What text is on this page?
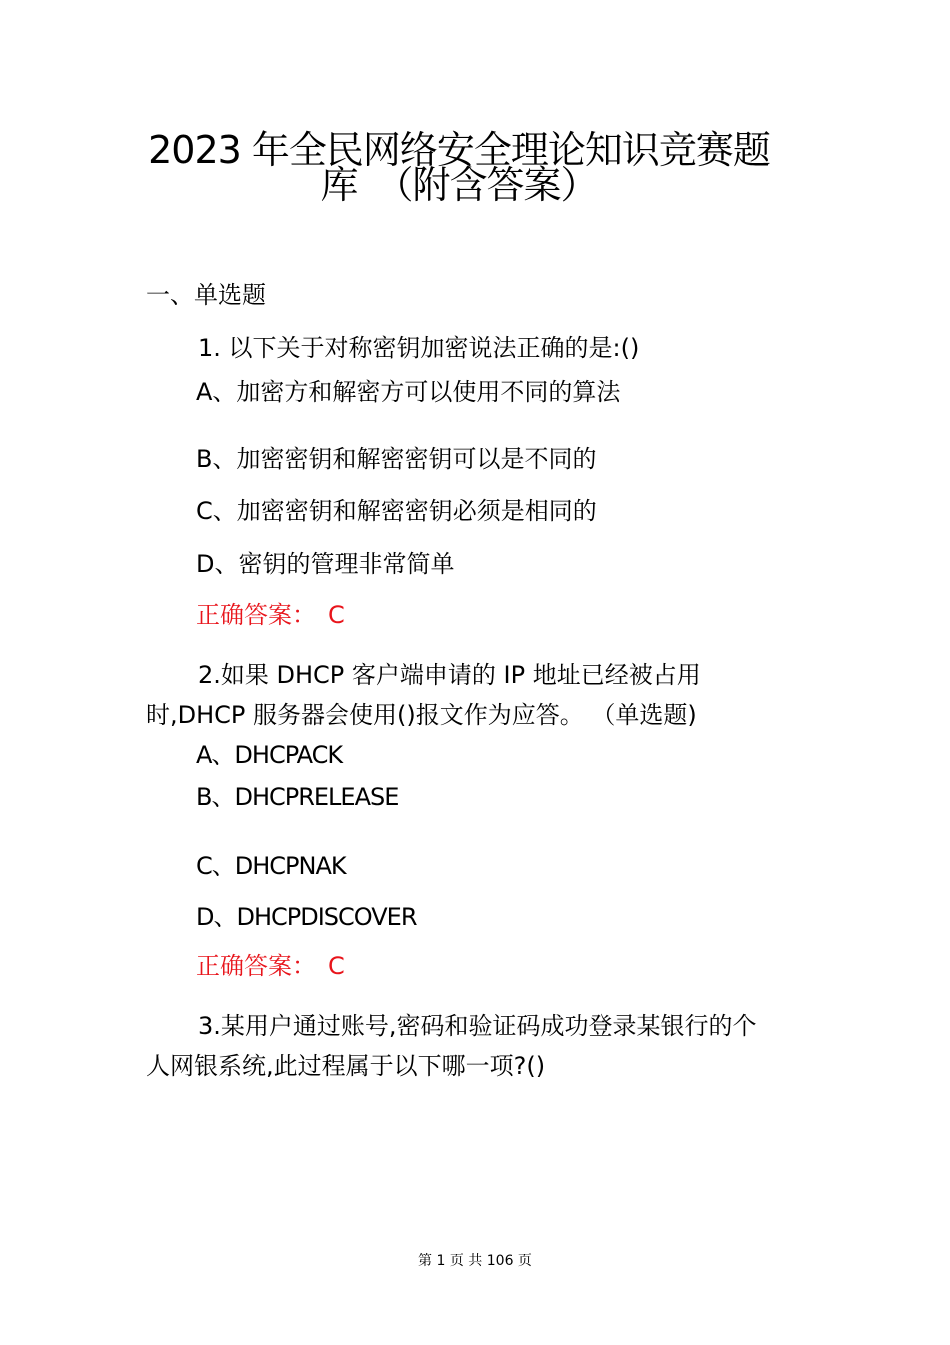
2023 年全民网络安全理论知识竞赛题
库　（附含答案）
一、单选题
1. 以下关于对称密钥加密说法正确的是:()
A、加密方和解密方可以使用不同的算法
B、加密密钥和解密密钥可以是不同的
C、加密密钥和解密密钥必须是相同的
D、密钥的管理非常简单
正确答案：　C
2.如果 DHCP 客户端申请的 IP 地址已经被占用
时,DHCP 服务器会使用()报文作为应答。 （单选题)
A、DHCPACK
B、DHCPRELEASE
C、DHCPNAK
D、DHCPDISCOVER
正确答案：　C
3.某用户通过账号,密码和验证码成功登录某银行的个
人网银系统,此过程属于以下哪一项?()
第 1 页 共 106 页
